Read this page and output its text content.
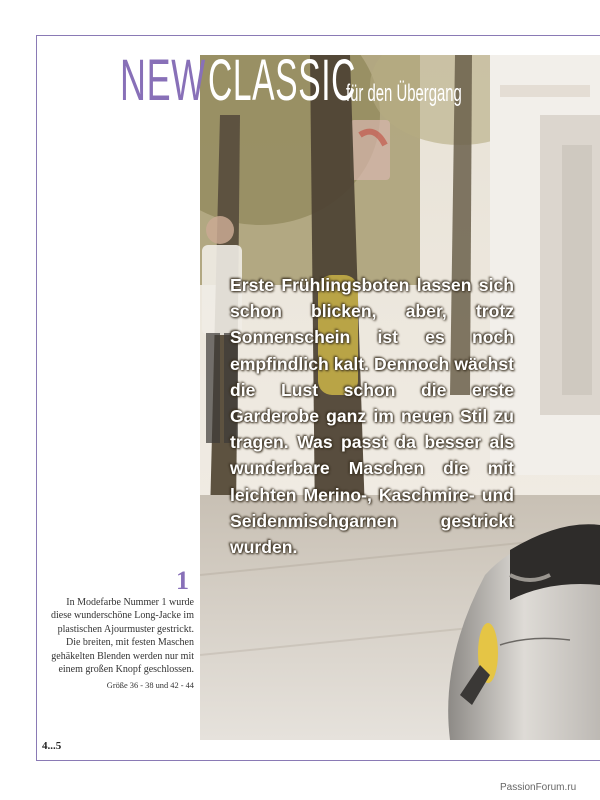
NEW CLASSIC
für den Übergang
Erste Frühlingsboten lassen sich schon blicken, aber, trotz Sonnenschein ist es noch empfindlich kalt. Dennoch wächst die Lust schon die erste Garderobe ganz im neuen Stil zu tragen. Was passt da besser als wunderbare Maschen die mit leichten Merino-, Kaschmire- und Seidenmischgarnen gestrickt wurden.
1
In Modefarbe Nummer 1 wurde diese wunderschöne Long-Jacke im plastischen Ajourmuster gestrickt. Die breiten, mit festen Maschen gehäkelten Blenden werden nur mit einem großen Knopf geschlossen.
Größe 36 - 38 und 42 - 44
4...5
PassionForum.ru
